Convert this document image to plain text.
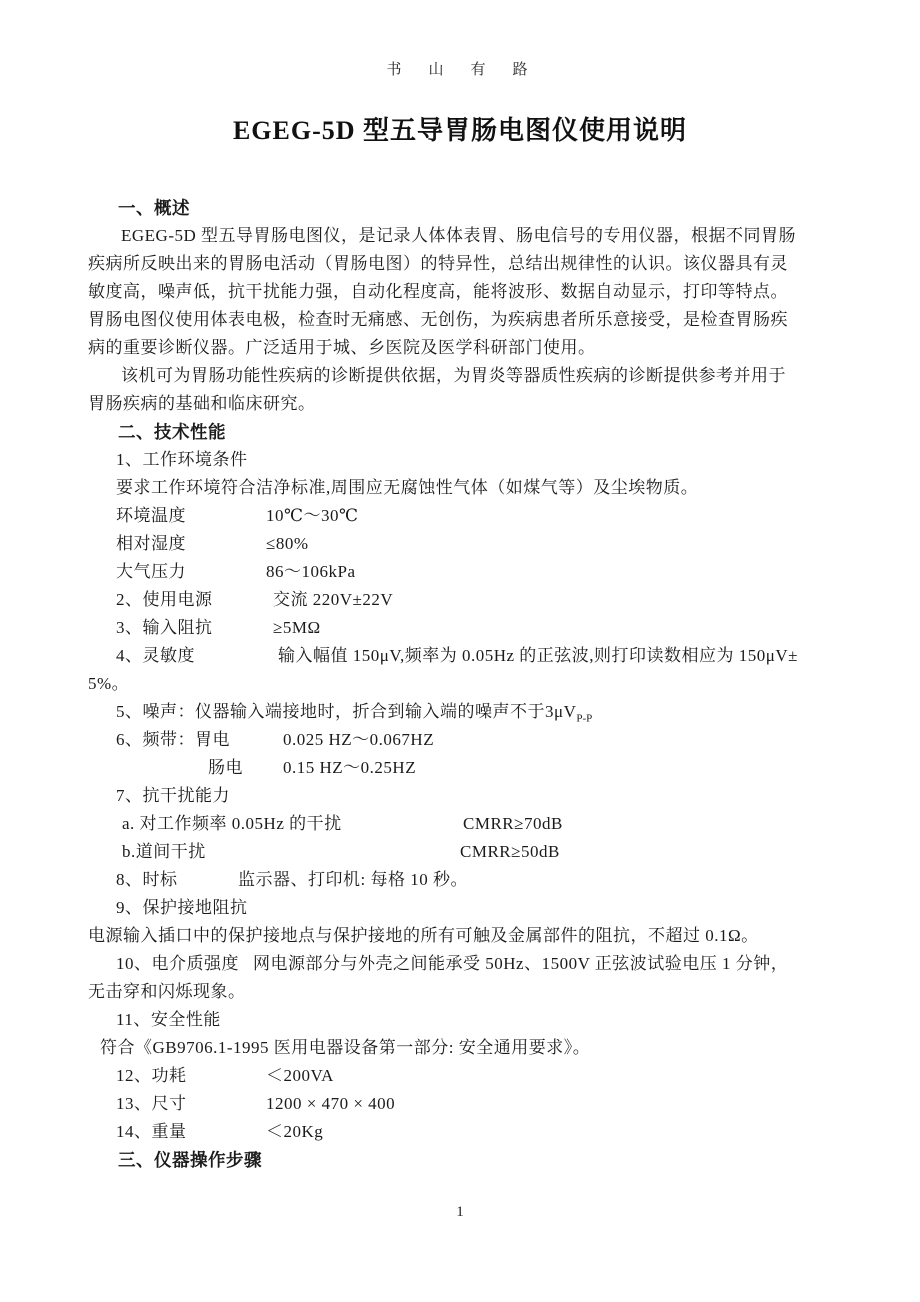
书　山　有　路
EGEG-5D 型五导胃肠电图仪使用说明
一、概述
EGEG-5D 型五导胃肠电图仪，是记录人体体表胃、肠电信号的专用仪器，根据不同胃肠
疾病所反映出来的胃肠电活动（胃肠电图）的特异性，总结出规律性的认识。该仪器具有灵
敏度高，噪声低，抗干扰能力强，自动化程度高，能将波形、数据自动显示，打印等特点。
胃肠电图仪使用体表电极，检查时无痛感、无创伤，为疾病患者所乐意接受，是检查胃肠疾
病的重要诊断仪器。广泛适用于城、乡医院及医学科研部门使用。
该机可为胃肠功能性疾病的诊断提供依据，为胃炎等器质性疾病的诊断提供参考并用于
胃肠疾病的基础和临床研究。
二、技术性能
1、工作环境条件
要求工作环境符合洁净标准,周围应无腐蚀性气体（如煤气等）及尘埃物质。
环境温度	10℃～30℃
相对湿度	≤80%
大气压力	86～106kPa
2、使用电源	交流 220V±22V
3、输入阻抗	≥5MΩ
4、灵敏度	输入幅值 150μV,频率为 0.05Hz 的正弦波,则打印读数相应为 150μV±
5%。
5、噪声：仪器输入端接地时，折合到输入端的噪声不于$3\mu V_{P-P}$
6、频带：胃电	0.025 HZ～0.067HZ
肠电 0.15 HZ～0.25HZ
7、抗干扰能力
a. 对工作频率 0.05Hz 的干扰	CMRR≥70dB
b.道间干扰	CMRR≥50dB
8、时标	监示器、打印机: 每格 10 秒。
9、保护接地阻抗
电源输入插口中的保护接地点与保护接地的所有可触及金属部件的阻抗，不超过 0.1Ω。
10、电介质强度 网电源部分与外壳之间能承受 50Hz、1500V 正弦波试验电压 1 分钟，
无击穿和闪烁现象。
11、安全性能
符合《GB9706.1-1995 医用电器设备第一部分: 安全通用要求》。
12、功耗	＜200VA
13、尺寸	1200 × 470 × 400
14、重量	＜20Kg
三、仪器操作步骤
1
